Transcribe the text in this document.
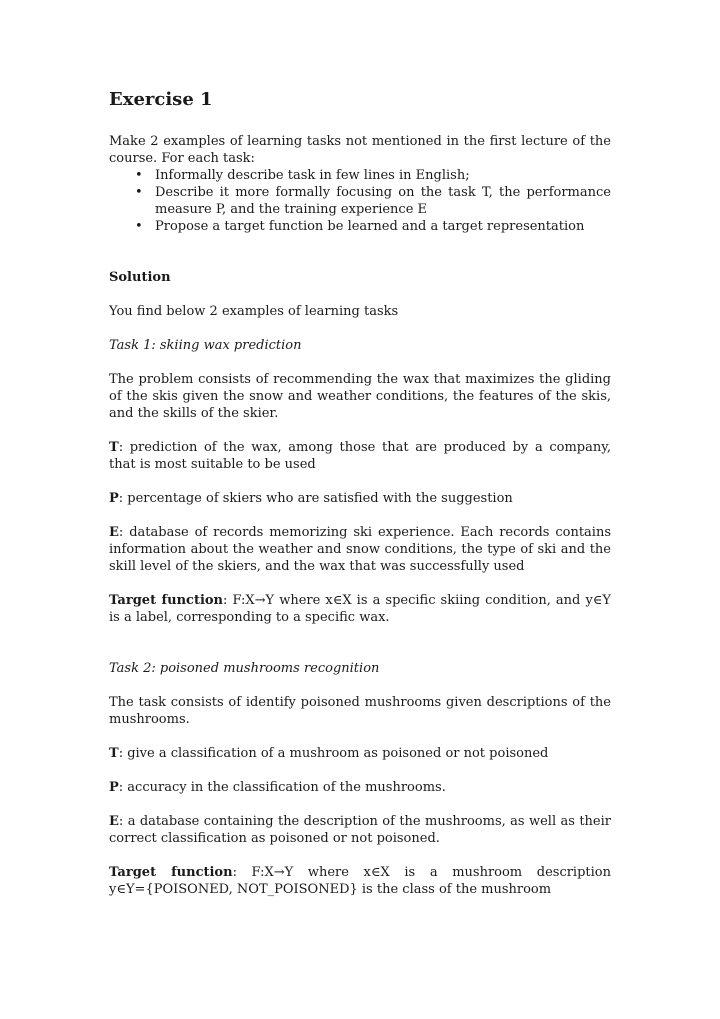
Exercise 1

Make 2 examples of learning tasks not mentioned in the first lecture of the course. For each task:

• Informally describe task in few lines in English;
• Describe it more formally focusing on the task T, the performance measure P, and the training experience E
• Propose a target function be learned and a target representation

Solution

You find below 2 examples of learning tasks

Task 1: skiing wax prediction

The problem consists of recommending the wax that maximizes the gliding of the skis given the snow and weather conditions, the features of the skis, and the skills of the skier.

T: prediction of the wax, among those that are produced by a company, that is most suitable to be used

P: percentage of skiers who are satisfied with the suggestion

E: database of records memorizing ski experience. Each records contains information about the weather and snow conditions, the type of ski and the skill level of the skiers, and the wax that was successfully used

Target function: F:X→Y where x∈X is a specific skiing condition, and y∈Y is a label, corresponding to a specific wax.

Task 2: poisoned mushrooms recognition

The task consists of identify poisoned mushrooms given descriptions of the mushrooms.

T: give a classification of a mushroom as poisoned or not poisoned

P: accuracy in the classification of the mushrooms.

E: a database containing the description of the mushrooms, as well as their correct classification as poisoned or not poisoned.

Target function: F:X→Y where x∈X is a mushroom description

y∈Y={POISONED, NOT_POISONED} is the class of the mushroom
